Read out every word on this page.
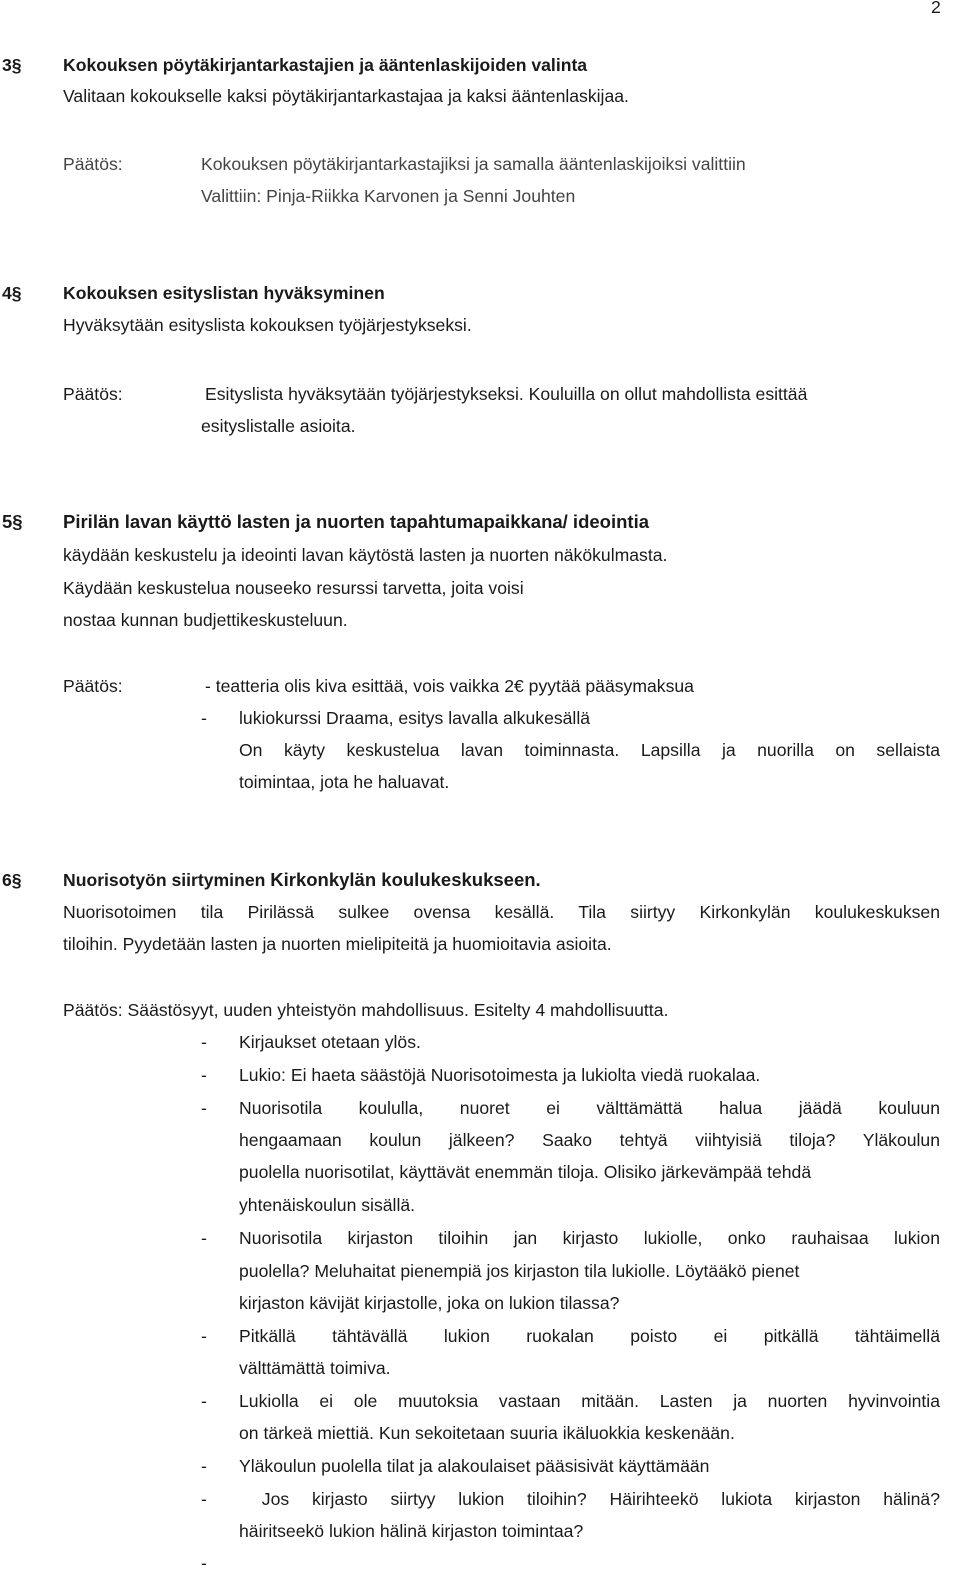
2
3§ Kokouksen pöytäkirjantarkastajien ja ääntenlaskijoiden valinta
Valitaan kokoukselle kaksi pöytäkirjantarkastajaa ja kaksi ääntenlaskijaa.
Päätös:	Kokouksen pöytäkirjantarkastajiksi ja samalla ääntenlaskijoiksi valittiin
Valittiin: Pinja-Riikka Karvonen ja Senni Jouhten
4§ Kokouksen esityslistan hyväksyminen
Hyväksytään esityslista kokouksen työjärjestykseksi.
Päätös:	Esityslista hyväksytään työjärjestykseksi. Kouluilla on ollut mahdollista esittää
esityslistalle asioita.
5§ Pirilän lavan käyttö lasten ja nuorten tapahtumapaikkana/ ideointia
käydään keskustelu ja ideointi lavan käytöstä lasten ja nuorten näkökulmasta.
Käydään keskustelua nouseeko resurssi tarvetta, joita voisi
nostaa kunnan budjettikeskusteluun.
Päätös:	- teatteria olis kiva esittää, vois vaikka 2€ pyytää pääsymaksua
- lukiokurssi Draama, esitys lavalla alkukesällä
On käyty keskustelua lavan toiminnasta. Lapsilla ja nuorilla on sellaista
toimintaa, jota he haluavat.
6§ Nuorisotyön siirtyminen Kirkonkylän koulukeskukseen.
Nuorisotoimen tila Pirilässä sulkee ovensa kesällä. Tila siirtyy Kirkonkylän koulukeskuksen
tiloihin. Pyydetään lasten ja nuorten mielipiteitä ja huomioitavia asioita.
Päätös: Säästösyyt, uuden yhteistyön mahdollisuus. Esitelty 4 mahdollisuutta.
- Kirjaukset otetaan ylös.
- Lukio: Ei haeta säästöjä Nuorisotoimesta ja lukiolta viedä ruokalaa.
- Nuorisotila koululla, nuoret ei välttämättä halua jäädä kouluun
hengaamaan koulun jälkeen? Saako tehtyä viihtyisiä tiloja? Yläkoulun
puolella nuorisotilat, käyttävät enemmän tiloja. Olisiko järkevämpää tehdä
yhtenäiskoulun sisällä.
- Nuorisotila kirjaston tiloihin jan kirjasto lukiolle, onko rauhaisaa lukion
puolella? Meluhaitat pienempiä jos kirjaston tila lukiolle. Löytääkö pienet
kirjaston kävijät kirjastolle, joka on lukion tilassa?
- Pitkällä tähtävällä lukion ruokalan poisto ei pitkällä tähtäimellä
välttämättä toimiva.
- Lukiolla ei ole muutoksia vastaan mitään. Lasten ja nuorten hyvinvointia
on tärkeä miettiä. Kun sekoitetaan suuria ikäluokkia keskenään.
- Yläkoulun puolella tilat ja alakoulaiset pääsisivät käyttämään
- Jos kirjasto siirtyy lukion tiloihin? Häirihteekö lukiota kirjaston hälinä?
häiritseekö lukion hälinä kirjaston toimintaa?
-
